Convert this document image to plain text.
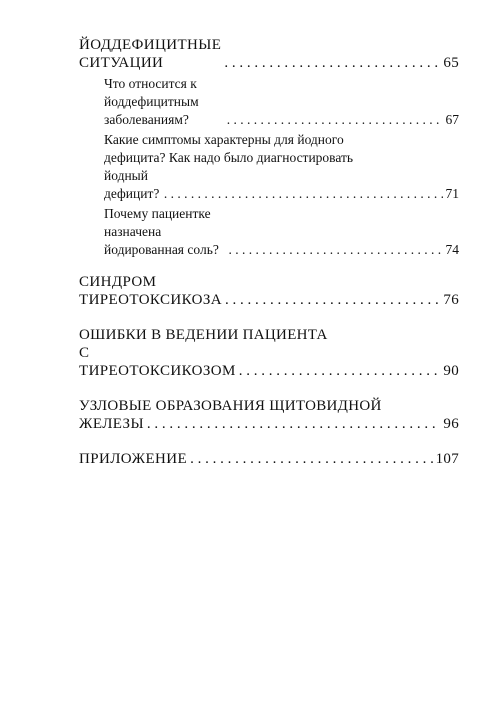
ЙОДДЕФИЦИТНЫЕ СИТУАЦИИ . . .	65
Что относится к йоддефицитным заболеваниям? . . .	67
Какие симптомы характерны для йодного
дефицита? Как надо было диагностировать
йодный дефицит? . . .	71
Почему пациентке назначена йодированная соль? . . .	74
СИНДРОМ ТИРЕОТОКСИКОЗА . . .	76
ОШИБКИ В ВЕДЕНИИ ПАЦИЕНТА
С ТИРЕОТОКСИКОЗОМ . . .	90
УЗЛОВЫЕ ОБРАЗОВАНИЯ ЩИТОВИДНОЙ
ЖЕЛЕЗЫ . . .	96
ПРИЛОЖЕНИЕ . . .	107
